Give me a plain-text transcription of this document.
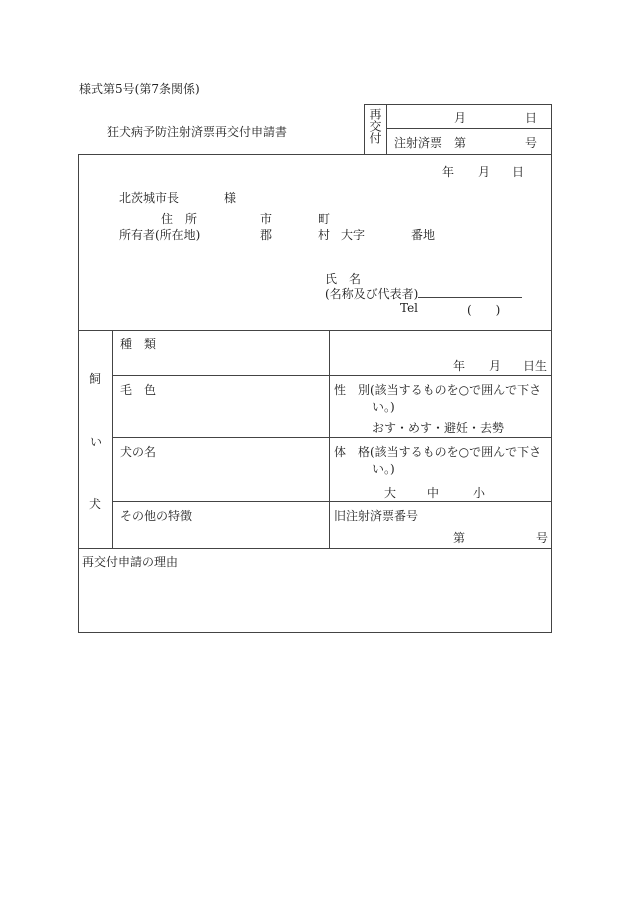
様式第5号(第7条関係)
狂犬病予防注射済票再交付申請書	再交付	月	日
注射済票 第	号
年 月 日
北茨城市長	様
住　所	市	町
所有者(所在地)	郡	村 大字	番地
氏　名
(名称及び代表者)
Tel	(　　)
飼
い
犬
種　類
年 月 日生
毛　色	性　別(該当するものを○で囲んで下さ
い。)
おす・めす・避妊・去勢
犬の名	体　格(該当するものを○で囲んで下さ
い。)
大	中	小
その他の特徴	旧注射済票番号
第	号
再交付申請の理由
